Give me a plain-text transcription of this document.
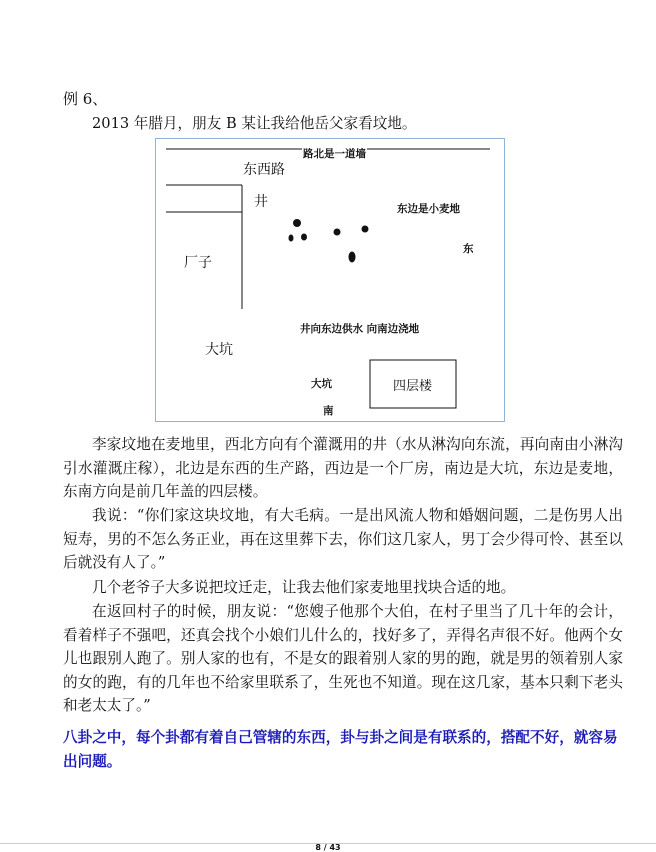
例 6、
2013 年腊月，朋友 B 某让我给他岳父家看坟地。
路北是一道墙
东西路
井	东边是小麦地
东
厂子
井向东边供水 向南边浇地
大坑
大坑	四层楼
南
李家坟地在麦地里，西北方向有个灌溉用的井（水从淋沟向东流，再向南由小淋沟引水灌溉庄稼），北边是东西的生产路，西边是一个厂房，南边是大坑，东边是麦地，东南方向是前几年盖的四层楼。
我说：“你们家这块坟地，有大毛病。一是出风流人物和婚姻问题，二是伤男人出短寿，男的不怎么务正业，再在这里葬下去，你们这几家人，男丁会少得可怜、甚至以后就没有人了。”
几个老爷子大多说把坟迁走，让我去他们家麦地里找块合适的地。
在返回村子的时候，朋友说：“您嫂子他那个大伯，在村子里当了几十年的会计，看着样子不强吧，还真会找个小娘们儿什么的，找好多了，弄得名声很不好。他两个女儿也跟别人跑了。别人家的也有，不是女的跟着别人家的男的跑，就是男的领着别人家的女的跑，有的几年也不给家里联系了，生死也不知道。现在这几家，基本只剩下老头和老太太了。”
八卦之中，每个卦都有着自己管辖的东西，卦与卦之间是有联系的，搭配不好，就容易出问题。
8 / 43
